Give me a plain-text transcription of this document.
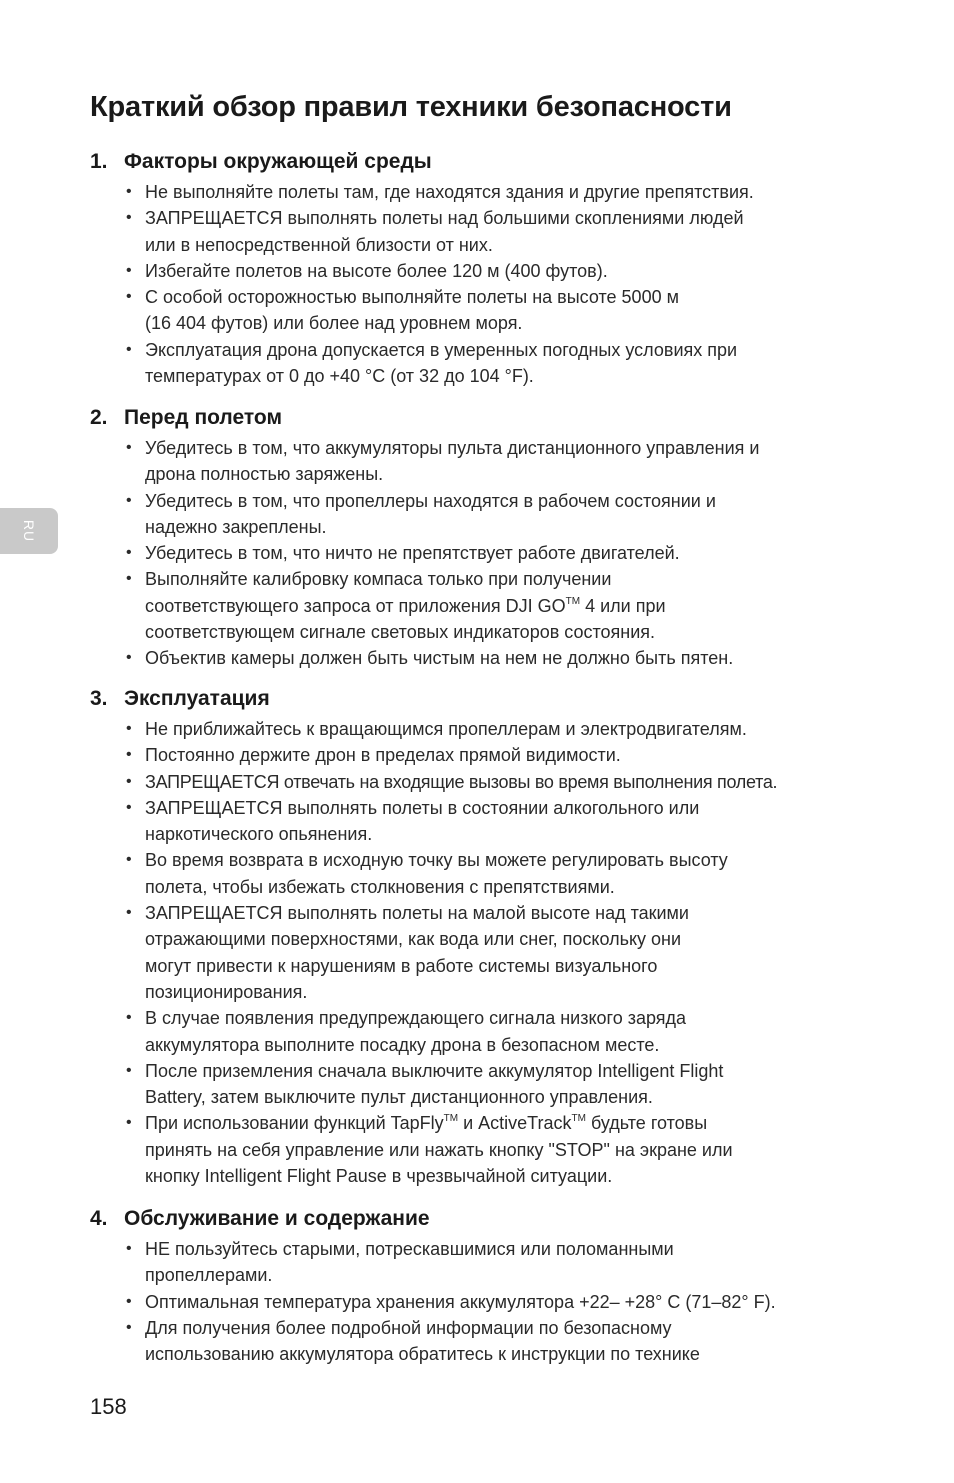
Краткий обзор правил техники безопасности
RU
1. Факторы окружающей среды
• Не выполняйте полеты там, где находятся здания и другие препятствия.
• ЗАПРЕЩАЕТСЯ выполнять полеты над большими скоплениями людей
или в непосредственной близости от них.
• Избегайте полетов на высоте более 120 м (400 футов).
• С особой осторожностью выполняйте полеты на высоте 5000 м
(16 404 футов) или более над уровнем моря.
• Эксплуатация дрона допускается в умеренных погодных условиях при
температурах от 0 до +40 °C (от 32 до 104 °F).
2. Перед полетом
• Убедитесь в том, что аккумуляторы пульта дистанционного управления и
дрона полностью заряжены.
• Убедитесь в том, что пропеллеры находятся в рабочем состоянии и
надежно закреплены.
• Убедитесь в том, что ничто не препятствует работе двигателей.
• Выполняйте калибровку компаса только при получении
соответствующего запроса от приложения DJI GO™ 4 или при
соответствующем сигнале световых индикаторов состояния.
• Объектив камеры должен быть чистым на нем не должно быть пятен.
3. Эксплуатация
• Не приближайтесь к вращающимся пропеллерам и электродвигателям.
• Постоянно держите дрон в пределах прямой видимости.
• ЗАПРЕЩАЕТСЯ отвечать на входящие вызовы во время выполнения полета.
• ЗАПРЕЩАЕТСЯ выполнять полеты в состоянии алкогольного или
наркотического опьянения.
• Во время возврата в исходную точку вы можете регулировать высоту
полета, чтобы избежать столкновения с препятствиями.
• ЗАПРЕЩАЕТСЯ выполнять полеты на малой высоте над такими
отражающими поверхностями, как вода или снег, поскольку они
могут привести к нарушениям в работе системы визуального
позиционирования.
• В случае появления предупреждающего сигнала низкого заряда
аккумулятора выполните посадку дрона в безопасном месте.
• После приземления сначала выключите аккумулятор Intelligent Flight
Battery, затем выключите пульт дистанционного управления.
• При использовании функций TapFly™ и ActiveTrack™ будьте готовы
принять на себя управление или нажать кнопку "STOP" на экране или
кнопку Intelligent Flight Pause в чрезвычайной ситуации.
4. Обслуживание и содержание
• НЕ пользуйтесь старыми, потрескавшимися или поломанными
пропеллерами.
• Оптимальная температура хранения аккумулятора +22– +28° C (71–82° F).
• Для получения более подробной информации по безопасному
использованию аккумулятора обратитесь к инструкции по технике
158
